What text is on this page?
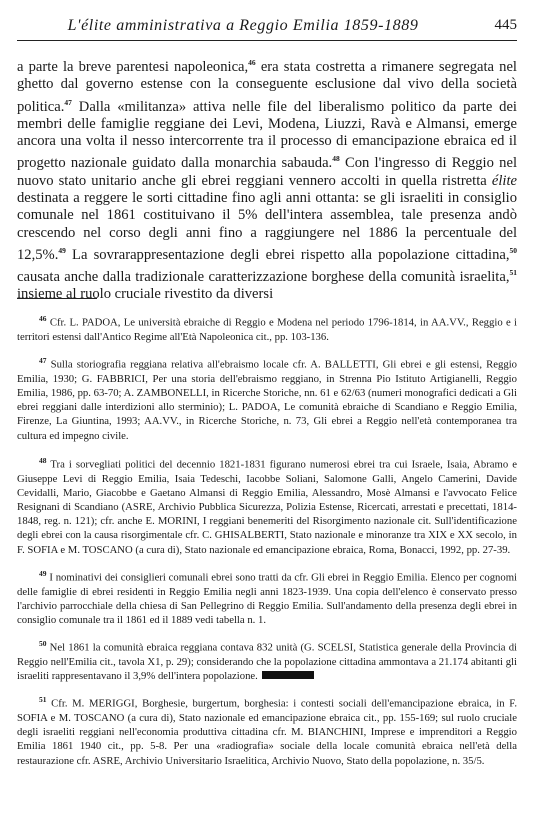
L'élite amministrativa a Reggio Emilia 1859-1889	445

a parte la breve parentesi napoleonica,$^{46}$ era stata costretta a rimanere segregata nel ghetto dal governo estense con la conseguente esclusione dal vivo della società politica.$^{47}$ Dalla «militanza» attiva nelle file del liberalismo politico da parte dei membri delle famiglie reggiane dei Levi, Modena, Liuzzi, Ravà e Almansi, emerge ancora una volta il nesso intercorrente tra il processo di emancipazione ebraica ed il progetto nazionale guidato dalla monarchia sabauda.$^{48}$ Con l'ingresso di Reggio nel nuovo stato unitario anche gli ebrei reggiani vennero accolti in quella ristretta élite destinata a reggere le sorti cittadine fino agli anni ottanta: se gli israeliti in consiglio comunale nel 1861 costituivano il 5% dell'intera assemblea, tale presenza andò crescendo nel corso degli anni fino a raggiungere nel 1886 la percentuale del 12,5%.$^{49}$ La sovrarappresentazione degli ebrei rispetto alla popolazione cittadina,$^{50}$ causata anche dalla tradizionale caratterizzazione borghese della comunità israelita,$^{51}$ insieme al ruolo cruciale rivestito da diversi

$^{46}$ Cfr. L. PADOA, Le università ebraiche di Reggio e Modena nel periodo 1796-1814, in AA.VV., Reggio e i territori estensi dall'Antico Regime all'Età Napoleonica cit., pp. 103-136.

$^{47}$ Sulla storiografia reggiana relativa all'ebraismo locale cfr. A. BALLETTI, Gli ebrei e gli estensi, Reggio Emilia, 1930; G. FABBRICI, Per una storia dell'ebraismo reggiano, in Strenna Pio Istituto Artigianelli, Reggio Emilia, 1986, pp. 63-70; A. ZAMBONELLI, in Ricerche Storiche, nn. 61 e 62/63 (numeri monografici dedicati a Gli ebrei reggiani dalle interdizioni allo sterminio); L. PADOA, Le comunità ebraiche di Scandiano e Reggio Emilia, Firenze, La Giuntina, 1993; AA.VV., in Ricerche Storiche, n. 73, Gli ebrei a Reggio nell'età contemporanea tra cultura ed impegno civile.

$^{48}$ Tra i sorvegliati politici del decennio 1821-1831 figurano numerosi ebrei tra cui Israele, Isaia, Abramo e Giuseppe Levi di Reggio Emilia, Isaia Tedeschi, Iacobbe Soliani, Salomone Galli, Angelo Camerini, Davide Cevidalli, Mario, Giacobbe e Gaetano Almansi di Reggio Emilia, Alessandro, Mosè Almansi e l'avvocato Felice Resignani di Scandiano (ASRE, Archivio Pubblica Sicurezza, Polizia Estense, Ricercati, arrestati e precettati, 1814-1848, reg. n. 121); cfr. anche E. MORINI, I reggiani benemeriti del Risorgimento nazionale cit. Sull'identificazione degli ebrei con la causa risorgimentale cfr. C. GHISALBERTI, Stato nazionale e minoranze tra XIX e XX secolo, in F. SOFIA e M. TOSCANO (a cura di), Stato nazionale ed emancipazione ebraica, Roma, Bonacci, 1992, pp. 27-39.

$^{49}$ I nominativi dei consiglieri comunali ebrei sono tratti da cfr. Gli ebrei in Reggio Emilia. Elenco per cognomi delle famiglie di ebrei residenti in Reggio Emilia negli anni 1823-1939. Una copia dell'elenco è conservato presso l'archivio parrocchiale della chiesa di San Pellegrino di Reggio Emilia. Sull'andamento della presenza degli ebrei in consiglio comunale tra il 1861 ed il 1889 vedi tabella n. 1.

$^{50}$ Nel 1861 la comunità ebraica reggiana contava 832 unità (G. SCELSI, Statistica generale della Provincia di Reggio nell'Emilia cit., tavola X1, p. 29); considerando che la popolazione cittadina ammontava a 21.174 abitanti gli israeliti rappresentavano il 3,9% dell'intera popolazione.

$^{51}$ Cfr. M. MERIGGI, Borghesie, burgertum, borghesia: i contesti sociali dell'emancipazione ebraica, in F. SOFIA e M. TOSCANO (a cura di), Stato nazionale ed emancipazione ebraica cit., pp. 155-169; sul ruolo cruciale degli israeliti reggiani nell'economia produttiva cittadina cfr. M. BIANCHINI, Imprese e imprenditori a Reggio Emilia 1861 1940 cit., pp. 5-8. Per una «radiografia» sociale della locale comunità ebraica nell'età della restaurazione cfr. ASRE, Archivio Universitario Israelitica, Archivio Nuovo, Stato della popolazione, n. 35/5.
